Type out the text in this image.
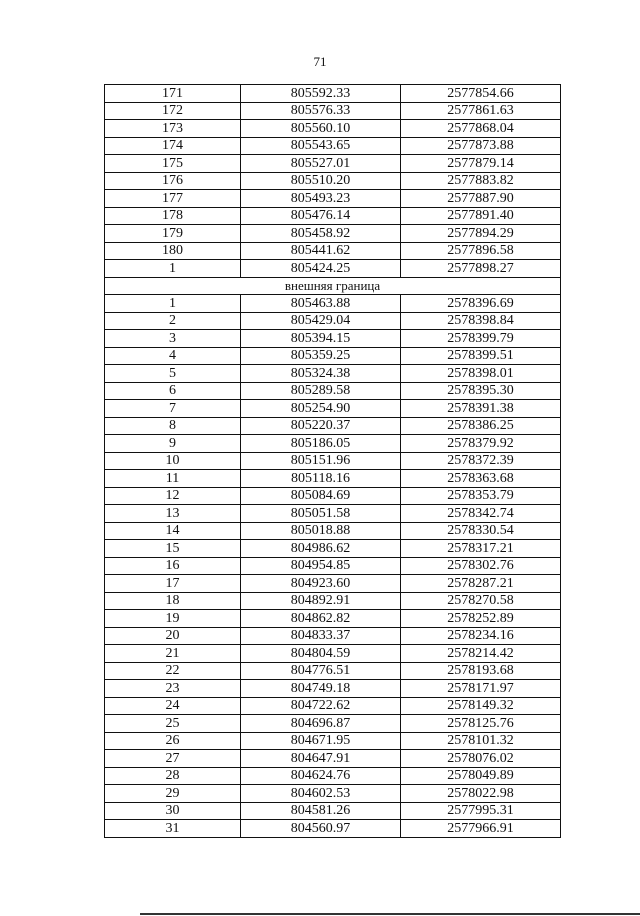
71
171	805592.33	2577854.66
172	805576.33	2577861.63
173	805560.10	2577868.04
174	805543.65	2577873.88
175	805527.01	2577879.14
176	805510.20	2577883.82
177	805493.23	2577887.90
178	805476.14	2577891.40
179	805458.92	2577894.29
180	805441.62	2577896.58
1	805424.25	2577898.27
внешняя граница		
1	805463.88	2578396.69
2	805429.04	2578398.84
3	805394.15	2578399.79
4	805359.25	2578399.51
5	805324.38	2578398.01
6	805289.58	2578395.30
7	805254.90	2578391.38
8	805220.37	2578386.25
9	805186.05	2578379.92
10	805151.96	2578372.39
11	805118.16	2578363.68
12	805084.69	2578353.79
13	805051.58	2578342.74
14	805018.88	2578330.54
15	804986.62	2578317.21
16	804954.85	2578302.76
17	804923.60	2578287.21
18	804892.91	2578270.58
19	804862.82	2578252.89
20	804833.37	2578234.16
21	804804.59	2578214.42
22	804776.51	2578193.68
23	804749.18	2578171.97
24	804722.62	2578149.32
25	804696.87	2578125.76
26	804671.95	2578101.32
27	804647.91	2578076.02
28	804624.76	2578049.89
29	804602.53	2578022.98
30	804581.26	2577995.31
31	804560.97	2577966.91
